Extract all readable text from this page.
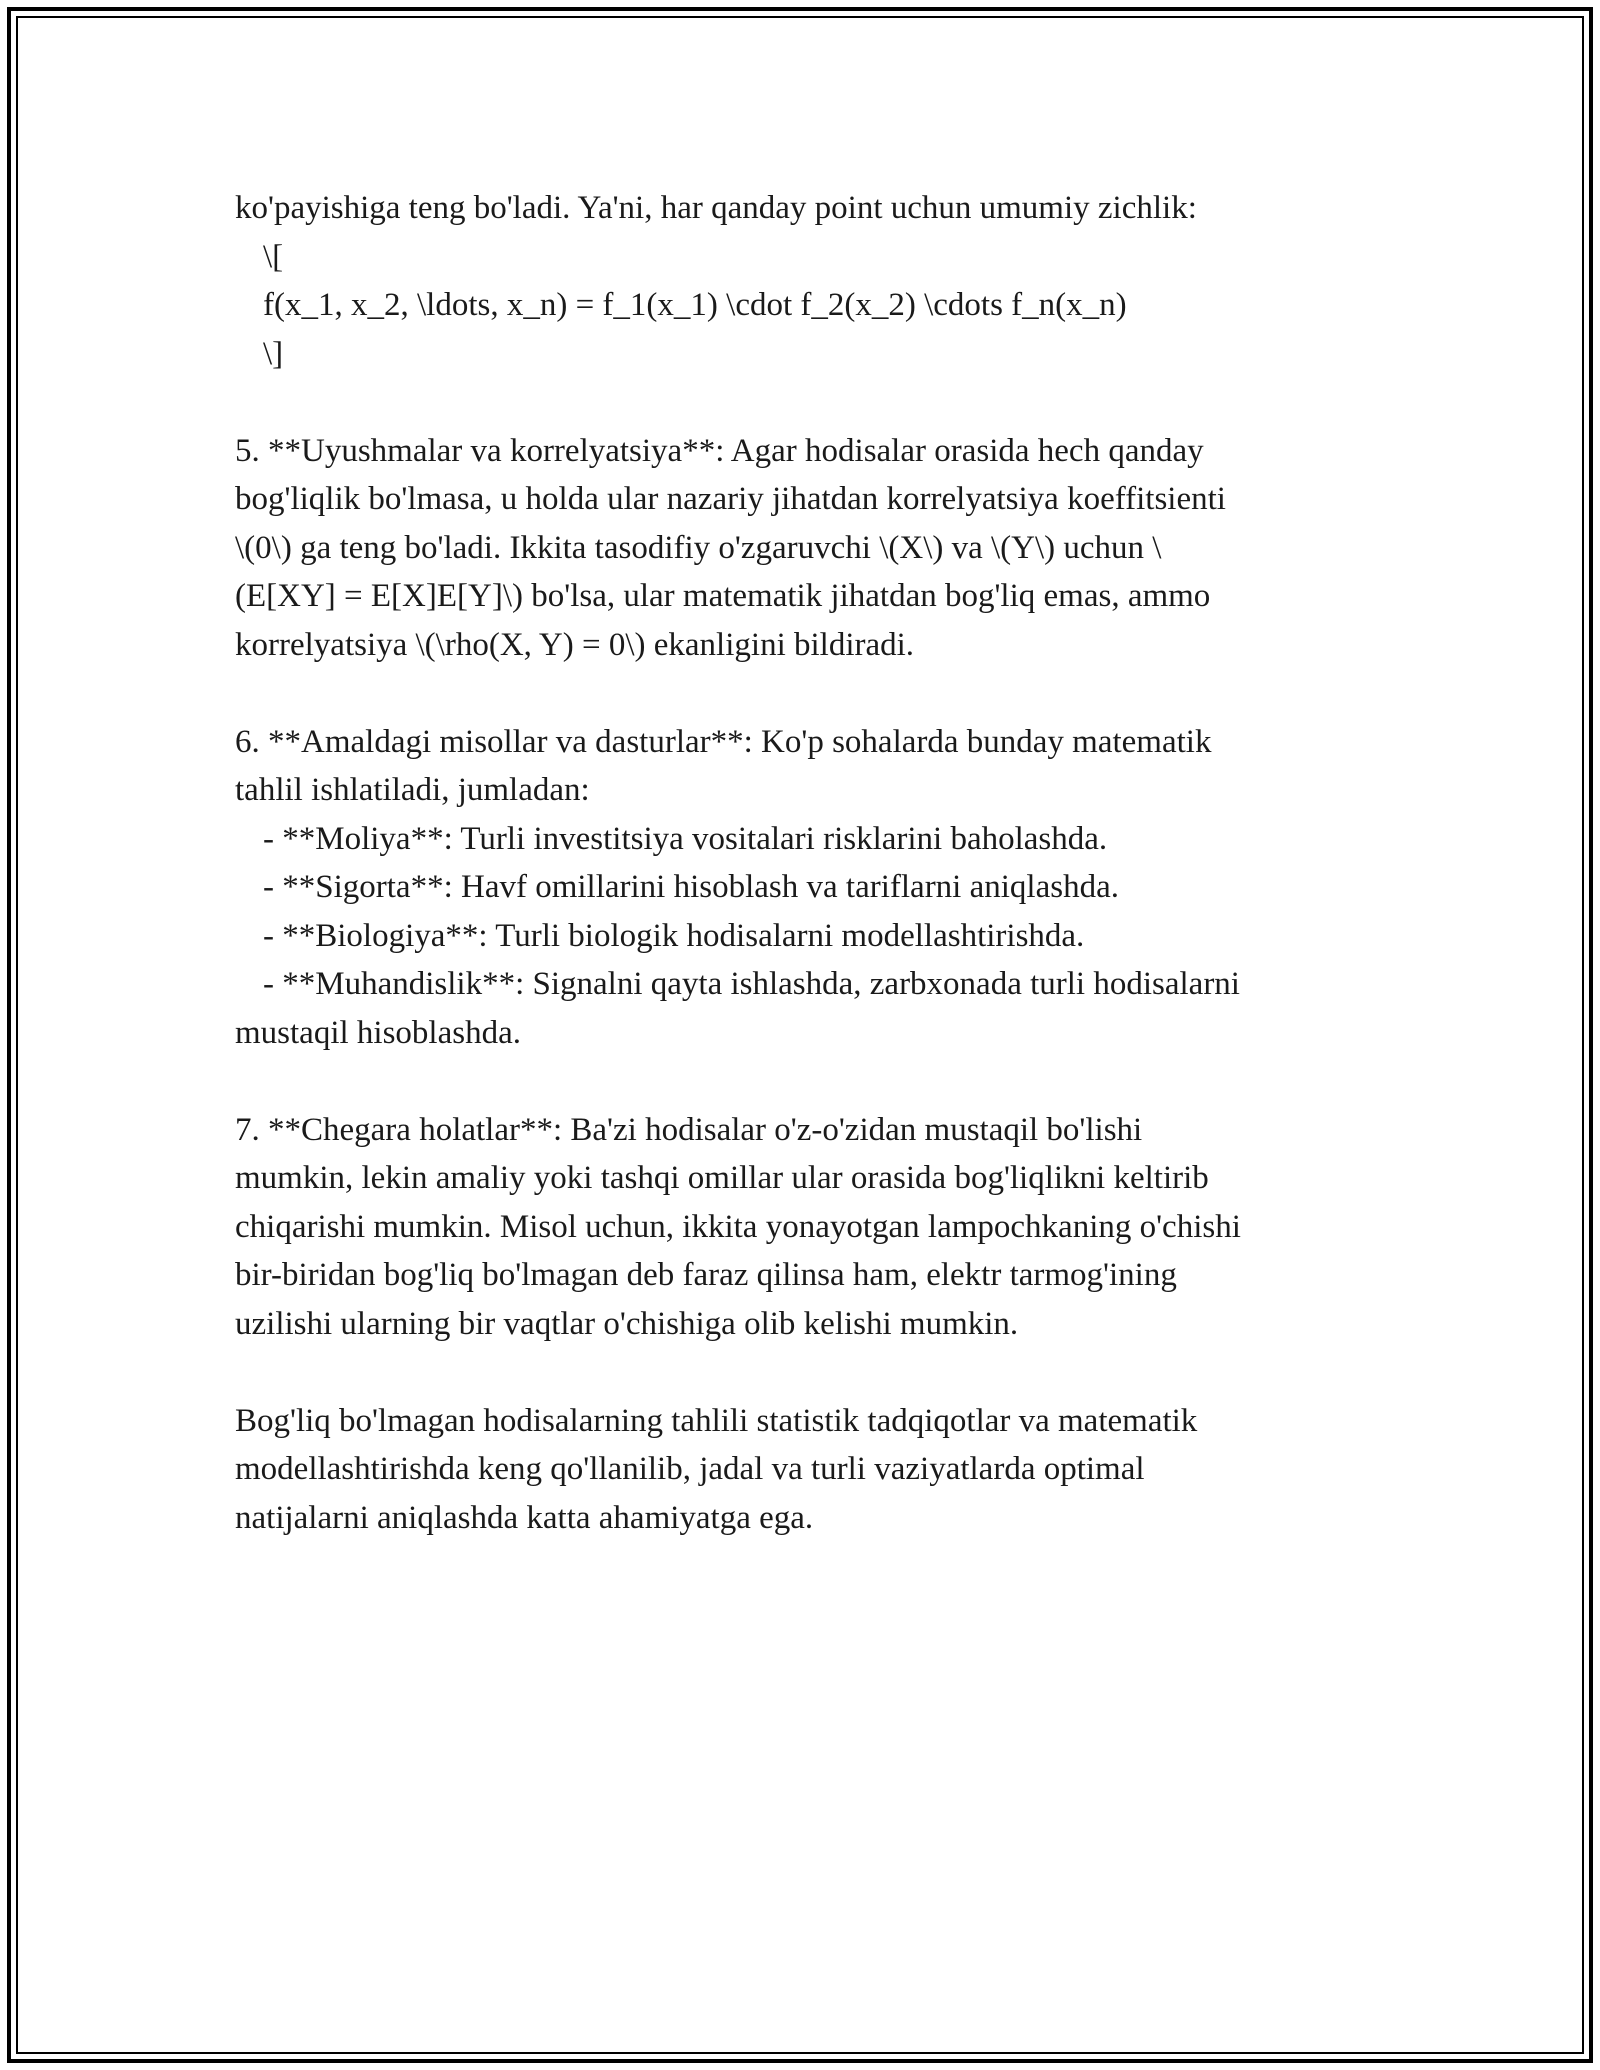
ko'payishiga teng bo'ladi. Ya'ni, har qanday point uchun umumiy zichlik:
\[
f(x_1, x_2, \ldots, x_n) = f_1(x_1) \cdot f_2(x_2) \cdots f_n(x_n)
\]
5. **Uyushmalar va korrelyatsiya**: Agar hodisalar orasida hech qanday
bog'liqlik bo'lmasa, u holda ular nazariy jihatdan korrelyatsiya koeffitsienti
\(0\) ga teng bo'ladi. Ikkita tasodifiy o'zgaruvchi \(X\) va \(Y\) uchun \
(E[XY] = E[X]E[Y]\) bo'lsa, ular matematik jihatdan bog'liq emas, ammo
korrelyatsiya \(\rho(X, Y) = 0\) ekanligini bildiradi.
6. **Amaldagi misollar va dasturlar**: Ko'p sohalarda bunday matematik
tahlil ishlatiladi, jumladan:
- **Moliya**: Turli investitsiya vositalari risklarini baholashda.
- **Sigorta**: Havf omillarini hisoblash va tariflarni aniqlashda.
- **Biologiya**: Turli biologik hodisalarni modellashtirishda.
- **Muhandislik**: Signalni qayta ishlashda, zarbxonada turli hodisalarni
mustaqil hisoblashda.
7. **Chegara holatlar**: Ba'zi hodisalar o'z-o'zidan mustaqil bo'lishi
mumkin, lekin amaliy yoki tashqi omillar ular orasida bog'liqlikni keltirib
chiqarishi mumkin. Misol uchun, ikkita yonayotgan lampochkaning o'chishi
bir-biridan bog'liq bo'lmagan deb faraz qilinsa ham, elektr tarmog'ining
uzilishi ularning bir vaqtlar o'chishiga olib kelishi mumkin.
Bog'liq bo'lmagan hodisalarning tahlili statistik tadqiqotlar va matematik
modellashtirishda keng qo'llanilib, jadal va turli vaziyatlarda optimal
natijalarni aniqlashda katta ahamiyatga ega.
